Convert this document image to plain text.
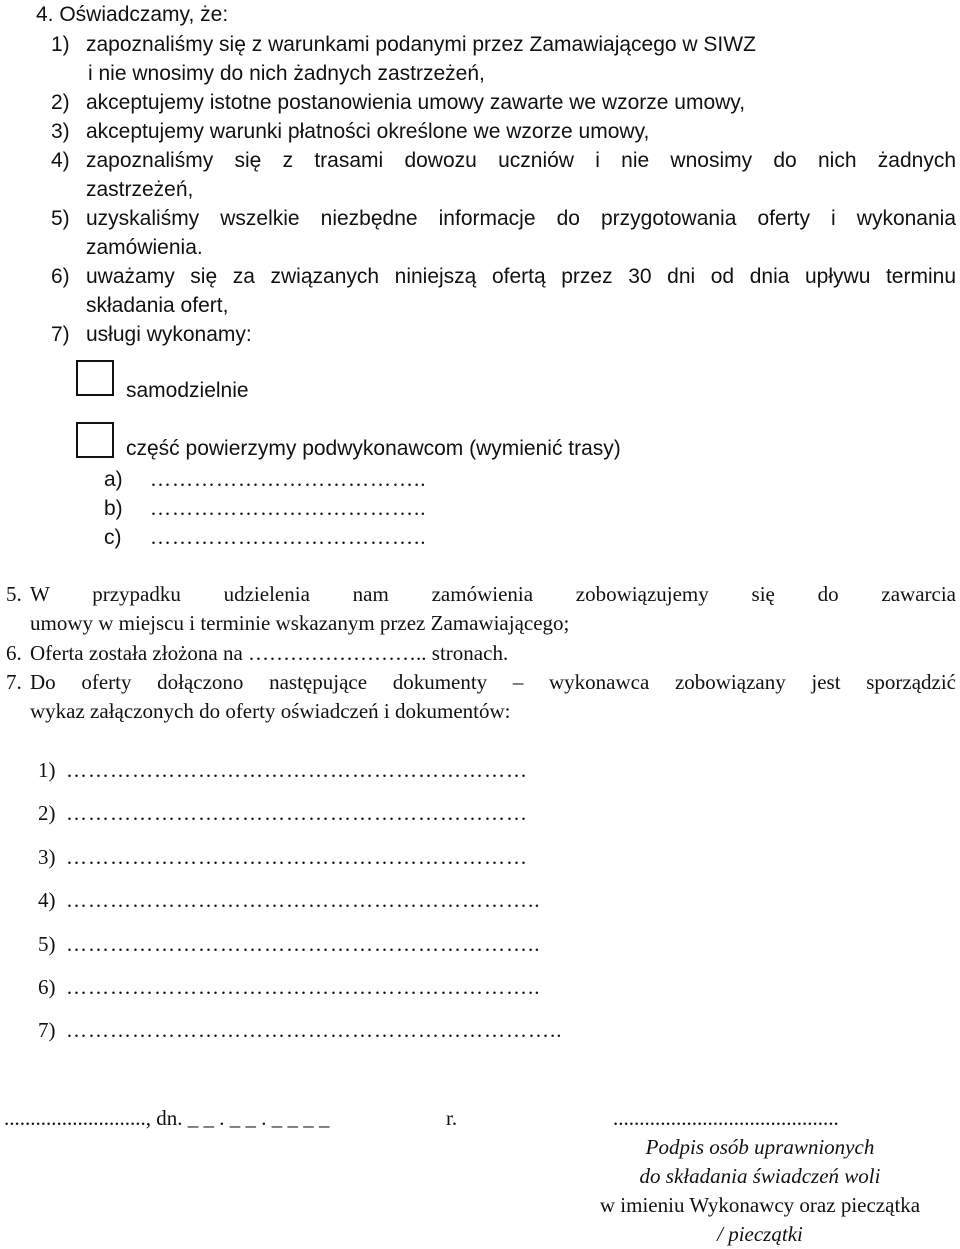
4. Oświadczamy, że:
1) zapoznaliśmy się z warunkami podanymi przez Zamawiającego w SIWZ
i nie wnosimy do nich żadnych zastrzeżeń,
2) akceptujemy istotne postanowienia umowy zawarte we wzorze umowy,
3) akceptujemy warunki płatności określone we wzorze umowy,
4) zapoznaliśmy się z trasami dowozu uczniów i nie wnosimy do nich żadnych
zastrzeżeń,
5) uzyskaliśmy wszelkie niezbędne informacje do przygotowania oferty i wykonania
zamówienia.
6) uważamy się za związanych niniejszą ofertą przez 30 dni od dnia upływu terminu
składania ofert,
7) usługi wykonamy:
samodzielnie
część powierzymy podwykonawcom (wymienić trasy)
a) ………………………………..
b) ………………………………..
c) ………………………………..
5. W przypadku udzielenia nam zamówienia zobowiązujemy się do zawarcia
umowy w miejscu i terminie wskazanym przez Zamawiającego;
6. Oferta została złożona na …………………….. stronach.
7. Do oferty dołączono następujące dokumenty – wykonawca zobowiązany jest sporządzić
wykaz załączonych do oferty oświadczeń i dokumentów:
1) ………………………………………………………
2) ………………………………………………………
3) ………………………………………………………
4) ………………………………………………………..
5) ………………………………………………………..
6) ………………………………………………………..
7) …………………………………………………………..
..........................., dn. _ _ . _ _ . _ _ _ _	r.	...........................................
Podpis osób uprawnionych
do składania świadczeń woli
w imieniu Wykonawcy oraz pieczątka
/ pieczątki
